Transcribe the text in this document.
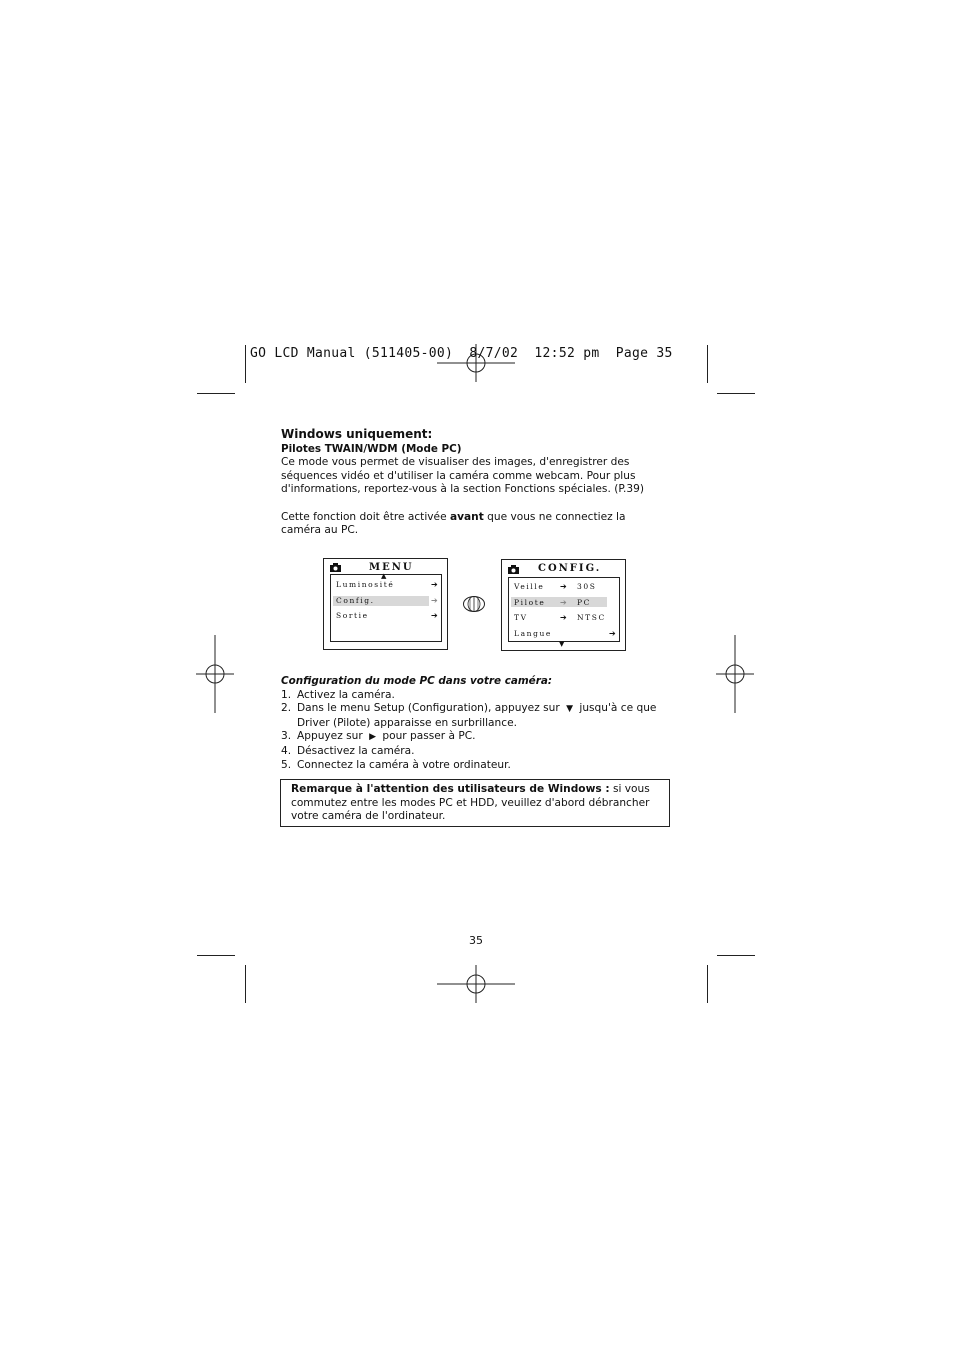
GO LCD Manual (511405-00)  8/7/02  12:52 pm  Page 35
Windows uniquement:
Pilotes TWAIN/WDM (Mode PC)
Ce mode vous permet de visualiser des images, d'enregistrer des séquences vidéo et d'utiliser la caméra comme webcam. Pour plus d'informations, reportez-vous à la section Fonctions spéciales. (P.39)
Cette fonction doit être activée avant que vous ne connectiez la caméra au PC.
MENU
▲
Luminosité
Config.
Sortie
➔
➔
➔
CONFIG.
Veille	30S
Pilote	PC
TV	NTSC
Langue
➔
➔
➔
➔
▼
Configuration du mode PC dans votre caméra:
1. Activez la caméra.
2. Dans le menu Setup (Configuration), appuyez sur ▼ jusqu'à ce que Driver (Pilote) apparaisse en surbrillance.
3. Appuyez sur ▶ pour passer à PC.
4. Désactivez la caméra.
5. Connectez la caméra à votre ordinateur.
Remarque à l'attention des utilisateurs de Windows : si vous commutez entre les modes PC et HDD, veuillez d'abord débrancher votre caméra de l'ordinateur.
35
